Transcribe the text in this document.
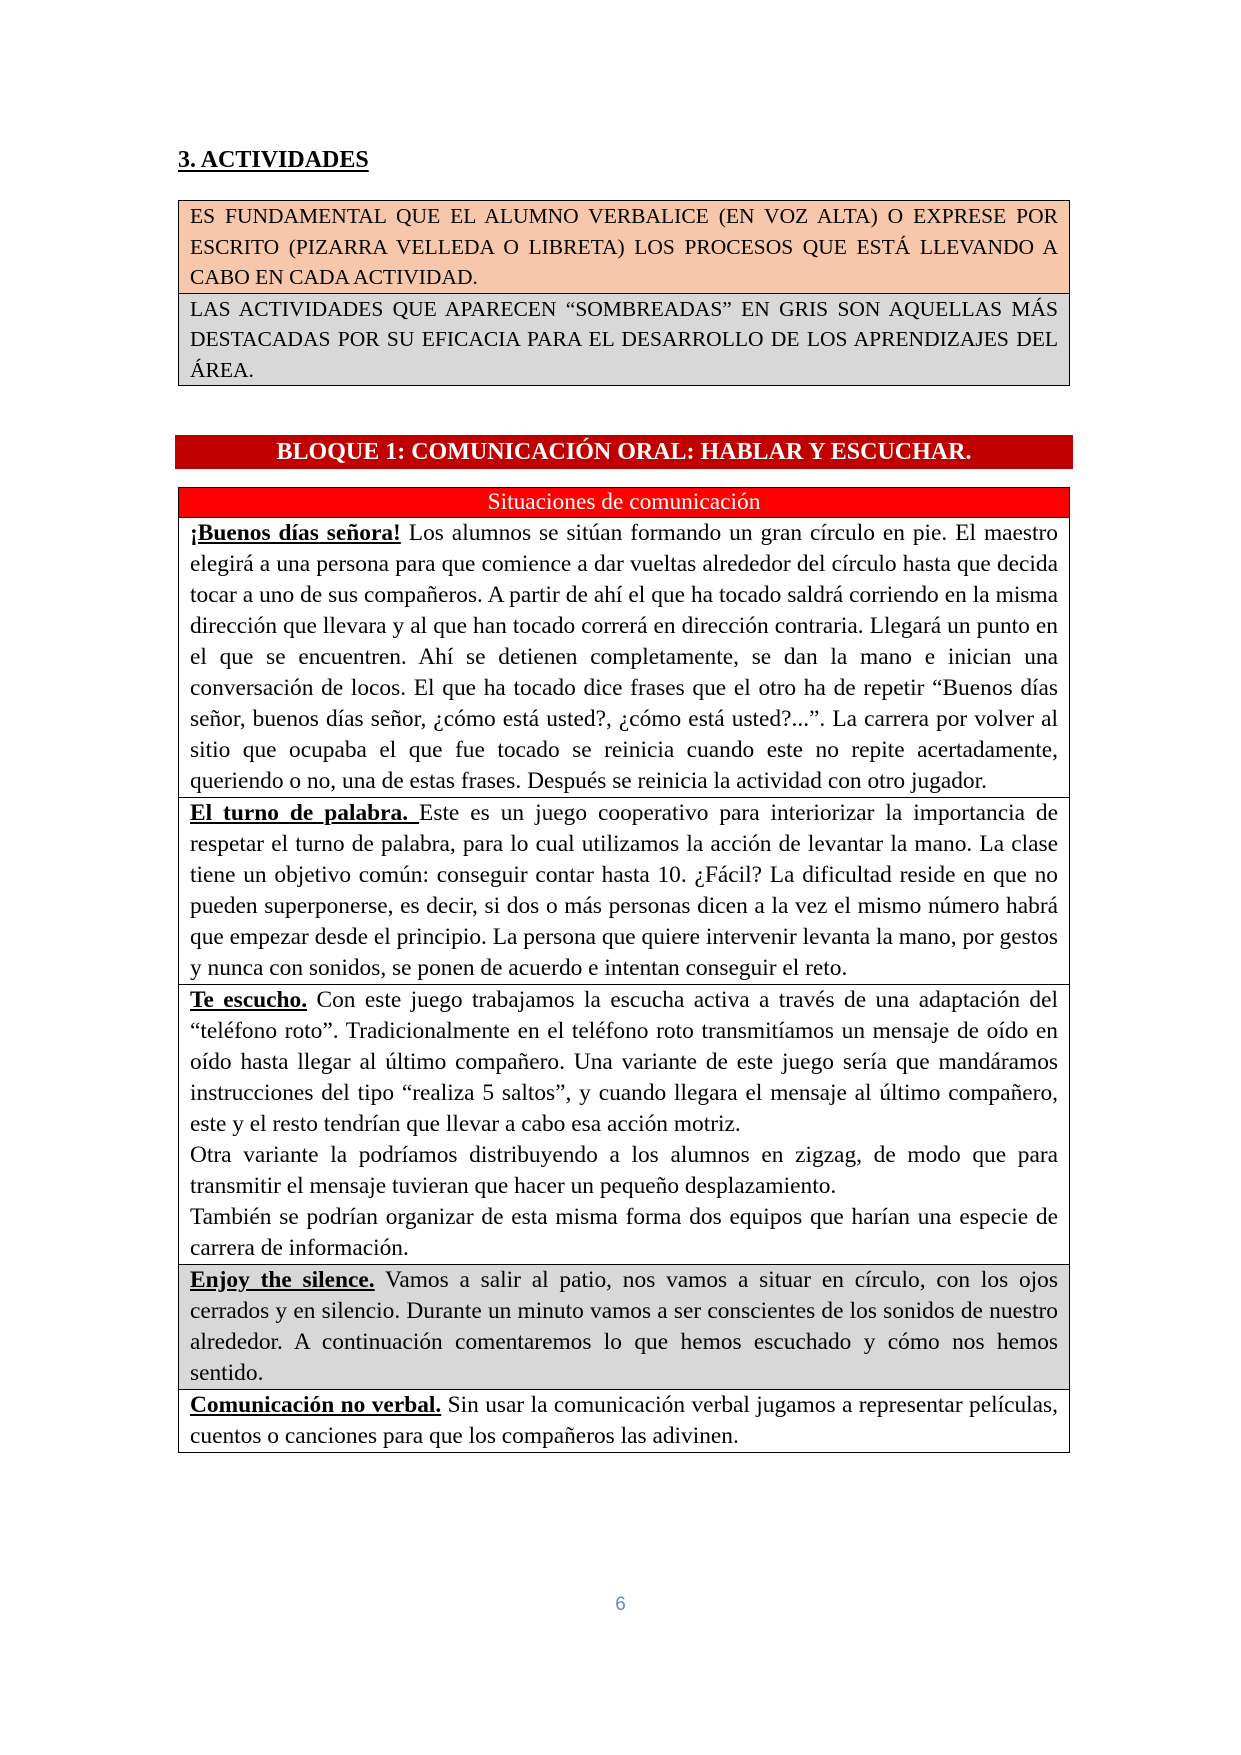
3. ACTIVIDADES
ES FUNDAMENTAL QUE EL ALUMNO VERBALICE (EN VOZ ALTA) O EXPRESE POR ESCRITO (PIZARRA VELLEDA O LIBRETA) LOS PROCESOS QUE ESTÁ LLEVANDO A CABO EN CADA ACTIVIDAD.
LAS ACTIVIDADES QUE APARECEN “SOMBREADAS” EN GRIS SON AQUELLAS MÁS DESTACADAS POR SU EFICACIA PARA EL DESARROLLO DE LOS APRENDIZAJES DEL ÁREA.
BLOQUE 1: COMUNICACIÓN ORAL: HABLAR Y ESCUCHAR.
Situaciones de comunicación
¡Buenos días señora! Los alumnos se sitúan formando un gran círculo en pie. El maestro elegirá a una persona para que comience a dar vueltas alrededor del círculo hasta que decida tocar a uno de sus compañeros. A partir de ahí el que ha tocado saldrá corriendo en la misma dirección que llevara y al que han tocado correrá en dirección contraria. Llegará un punto en el que se encuentren. Ahí se detienen completamente, se dan la mano e inician una conversación de locos. El que ha tocado dice frases que el otro ha de repetir “Buenos días señor, buenos días señor, ¿cómo está usted?, ¿cómo está usted?...”. La carrera por volver al sitio que ocupaba el que fue tocado se reinicia cuando este no repite acertadamente, queriendo o no, una de estas frases. Después se reinicia la actividad con otro jugador.
El turno de palabra. Este es un juego cooperativo para interiorizar la importancia de respetar el turno de palabra, para lo cual utilizamos la acción de levantar la mano. La clase tiene un objetivo común: conseguir contar hasta 10. ¿Fácil? La dificultad reside en que no pueden superponerse, es decir, si dos o más personas dicen a la vez el mismo número habrá que empezar desde el principio. La persona que quiere intervenir levanta la mano, por gestos y nunca con sonidos, se ponen de acuerdo e intentan conseguir el reto.
Te escucho. Con este juego trabajamos la escucha activa a través de una adaptación del “teléfono roto”. Tradicionalmente en el teléfono roto transmitíamos un mensaje de oído en oído hasta llegar al último compañero. Una variante de este juego sería que mandáramos instrucciones del tipo “realiza 5 saltos”, y cuando llegara el mensaje al último compañero, este y el resto tendrían que llevar a cabo esa acción motriz.
Otra variante la podríamos distribuyendo a los alumnos en zigzag, de modo que para transmitir el mensaje tuvieran que hacer un pequeño desplazamiento.
También se podrían organizar de esta misma forma dos equipos que harían una especie de carrera de información.

Enjoy the silence. Vamos a salir al patio, nos vamos a situar en círculo, con los ojos cerrados y en silencio. Durante un minuto vamos a ser conscientes de los sonidos de nuestro alrededor. A continuación comentaremos lo que hemos escuchado y cómo nos hemos sentido.
Comunicación no verbal. Sin usar la comunicación verbal jugamos a representar películas, cuentos o canciones para que los compañeros las adivinen.
6
